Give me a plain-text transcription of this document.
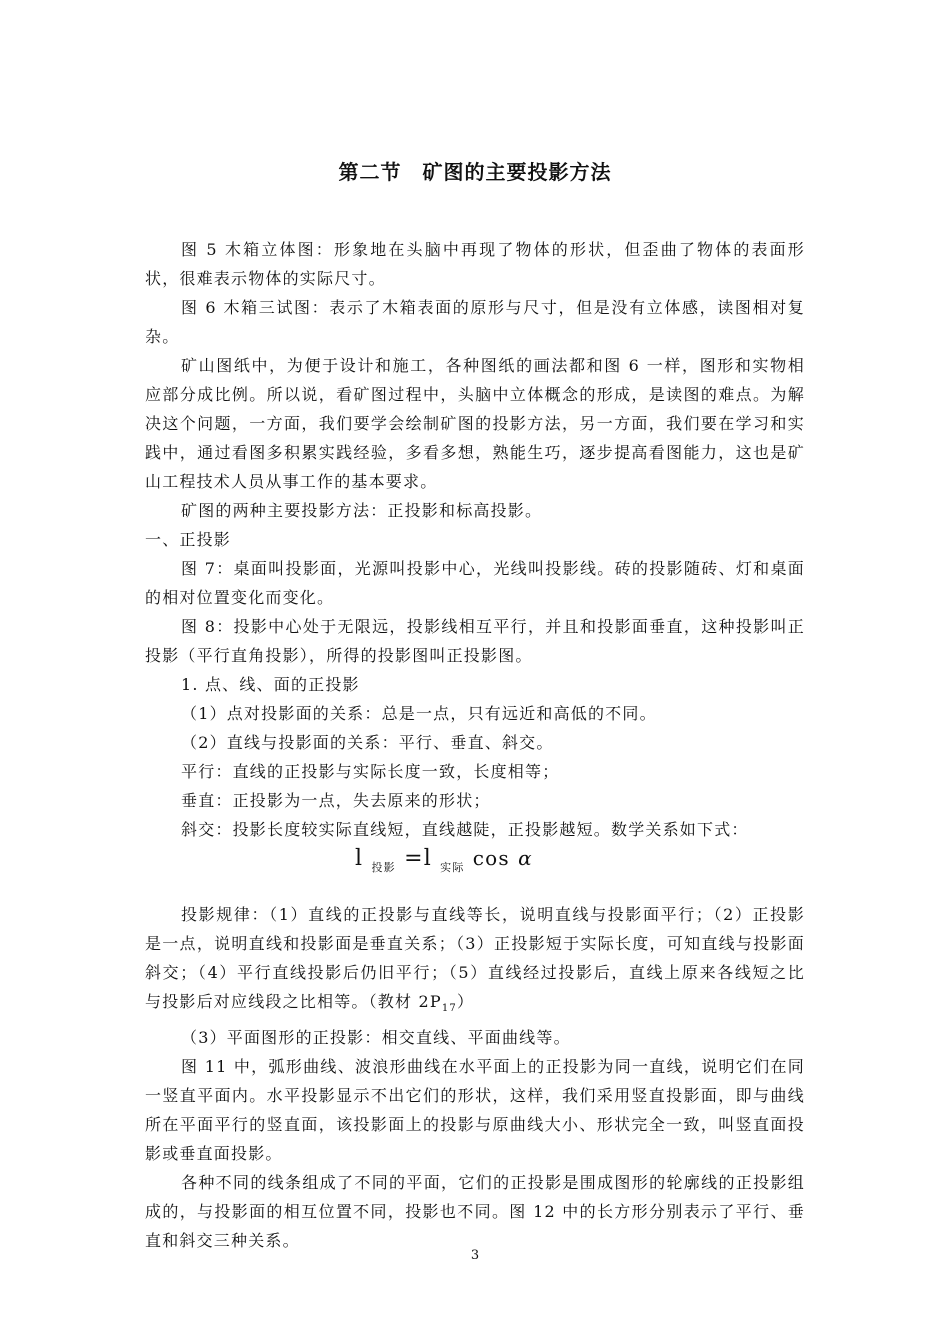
第二节　矿图的主要投影方法

图 5 木箱立体图：形象地在头脑中再现了物体的形状，但歪曲了物体的表面形状，很难表示物体的实际尺寸。

图 6 木箱三试图：表示了木箱表面的原形与尺寸，但是没有立体感，读图相对复杂。

矿山图纸中，为便于设计和施工，各种图纸的画法都和图 6 一样，图形和实物相应部分成比例。所以说，看矿图过程中，头脑中立体概念的形成，是读图的难点。为解决这个问题，一方面，我们要学会绘制矿图的投影方法，另一方面，我们要在学习和实践中，通过看图多积累实践经验，多看多想，熟能生巧，逐步提高看图能力，这也是矿山工程技术人员从事工作的基本要求。

矿图的两种主要投影方法：正投影和标高投影。

一、正投影

图 7：桌面叫投影面，光源叫投影中心，光线叫投影线。砖的投影随砖、灯和桌面的相对位置变化而变化。

图 8：投影中心处于无限远，投影线相互平行，并且和投影面垂直，这种投影叫正投影（平行直角投影），所得的投影图叫正投影图。

1. 点、线、面的正投影

（1）点对投影面的关系：总是一点，只有远近和高低的不同。

（2）直线与投影面的关系：平行、垂直、斜交。

平行：直线的正投影与实际长度一致，长度相等；

垂直：正投影为一点，失去原来的形状；

斜交：投影长度较实际直线短，直线越陡，正投影越短。数学关系如下式：

l $_{投影}$ =l $_{实际}$ cos α

投影规律：（1）直线的正投影与直线等长，说明直线与投影面平行；（2）正投影是一点，说明直线和投影面是垂直关系；（3）正投影短于实际长度，可知直线与投影面斜交；（4）平行直线投影后仍旧平行；（5）直线经过投影后，直线上原来各线短之比与投影后对应线段之比相等。（教材 $2P_{17}$）

（3）平面图形的正投影：相交直线、平面曲线等。

图 11 中，弧形曲线、波浪形曲线在水平面上的正投影为同一直线，说明它们在同一竖直平面内。水平投影显示不出它们的形状，这样，我们采用竖直投影面，即与曲线所在平面平行的竖直面，该投影面上的投影与原曲线大小、形状完全一致，叫竖直面投影或垂直面投影。

各种不同的线条组成了不同的平面，它们的正投影是围成图形的轮廓线的正投影组成的，与投影面的相互位置不同，投影也不同。图 12 中的长方形分别表示了平行、垂直和斜交三种关系。

3
